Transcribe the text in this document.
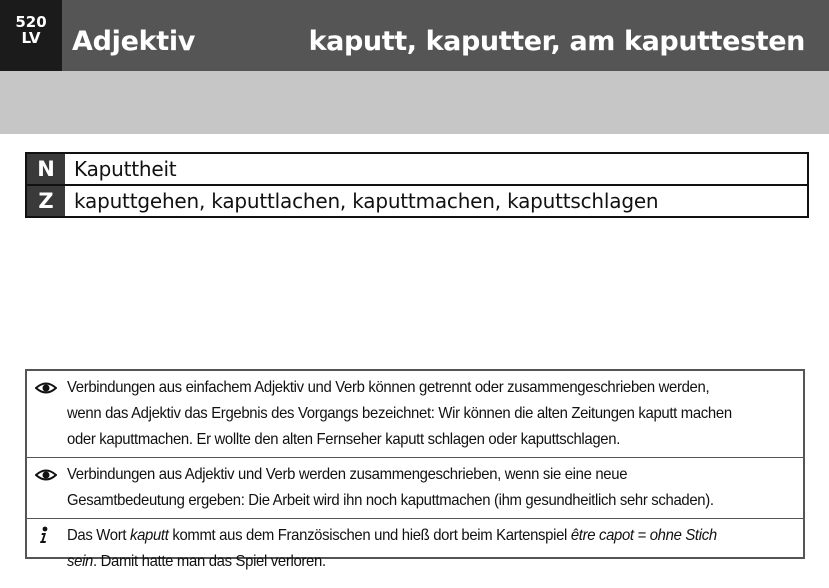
520
LV	Adjektiv	kaputt, kaputter, am kaputtesten
N Kaputtheit
Z	kaputtgehen, kaputtlachen, kaputtmachen, kaputtschlagen
Verbindungen aus einfachem Adjektiv und Verb können getrennt oder zusammengeschrieben werden, wenn das Adjektiv das Ergebnis des Vorgangs bezeichnet: Wir können die alten Zeitungen kaputt machen oder kaputtmachen. Er wollte den alten Fernseher kaputt schlagen oder kaputtschlagen.
Verbindungen aus Adjektiv und Verb werden zusammengeschrieben, wenn sie eine neue Gesamtbedeutung ergeben: Die Arbeit wird ihn noch kaputtmachen (ihm gesundheitlich sehr schaden).
Das Wort kaputt kommt aus dem Französischen und hieß dort beim Kartenspiel être capot = ohne Stich sein. Damit hatte man das Spiel verloren.
